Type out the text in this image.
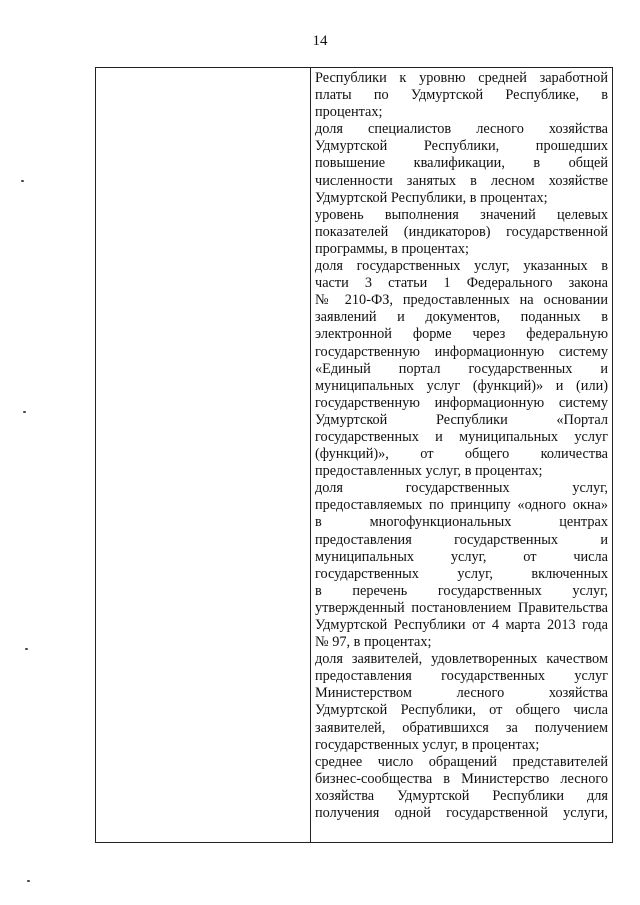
14
Республики к уровню средней заработной
платы по Удмуртской Республике, в
процентах;
доля специалистов лесного хозяйства
Удмуртской Республики, прошедших
повышение квалификации, в общей
численности занятых в лесном хозяйстве
Удмуртской Республики, в процентах;
уровень выполнения значений целевых
показателей (индикаторов) государственной
программы, в процентах;
доля государственных услуг, указанных в
части 3 статьи 1 Федерального закона
№ 210-ФЗ, предоставленных на основании
заявлений и документов, поданных в
электронной форме через федеральную
государственную информационную систему
«Единый портал государственных и
муниципальных услуг (функций)» и (или)
государственную информационную систему
Удмуртской Республики «Портал
государственных и муниципальных услуг
(функций)», от общего количества
предоставленных услуг, в процентах;
доля государственных услуг,
предоставляемых по принципу «одного окна»
в многофункциональных центрах
предоставления государственных и
муниципальных услуг, от числа
государственных услуг, включенных
в перечень государственных услуг,
утвержденный постановлением Правительства
Удмуртской Республики от 4 марта 2013 года
№ 97, в процентах;
доля заявителей, удовлетворенных качеством
предоставления государственных услуг
Министерством лесного хозяйства
Удмуртской Республики, от общего числа
заявителей, обратившихся за получением
государственных услуг, в процентах;
среднее число обращений представителей
бизнес-сообщества в Министерство лесного
хозяйства Удмуртской Республики для
получения одной государственной услуги,
